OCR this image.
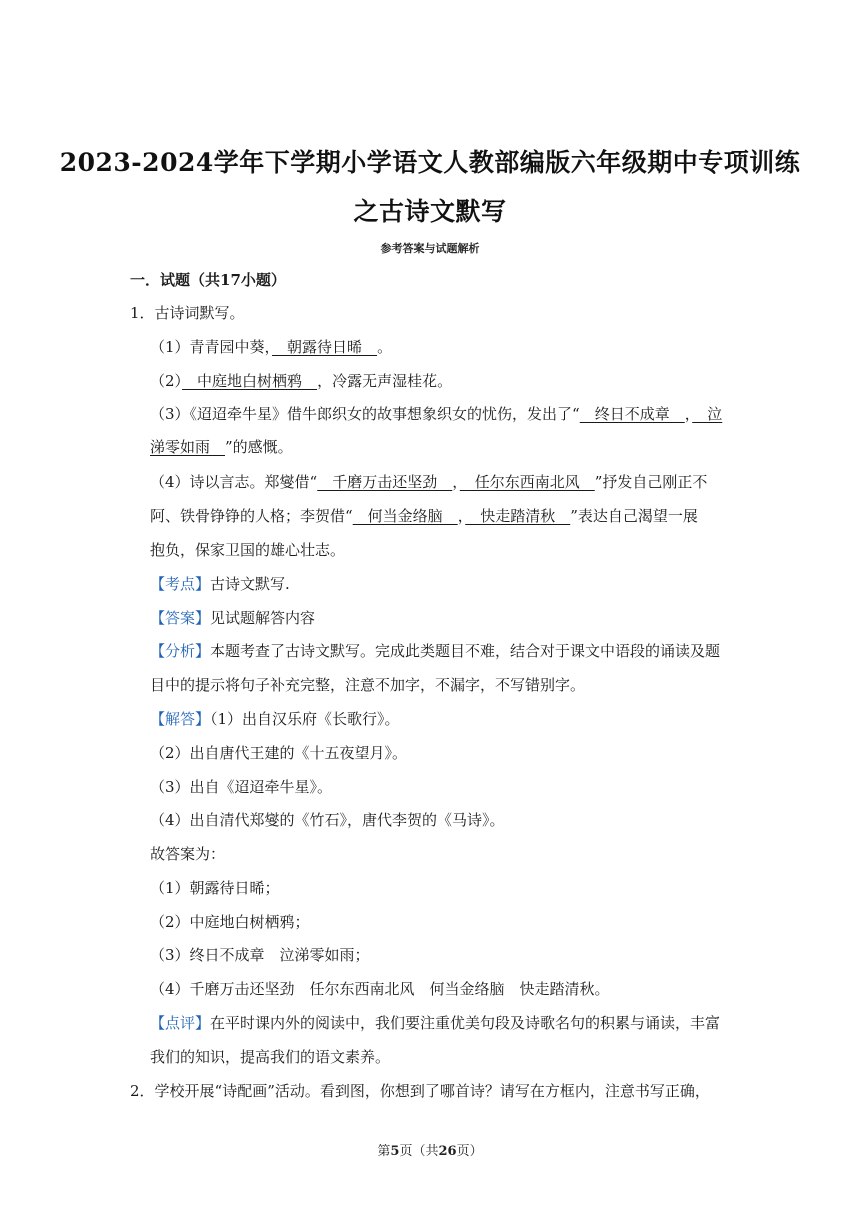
2023-2024学年下学期小学语文人教部编版六年级期中专项训练
之古诗文默写
参考答案与试题解析
一．试题（共17小题）
1．古诗词默写。
（1）青青园中葵，　朝露待日晞　。
（2）　中庭地白树栖鸦　，冷露无声湿桂花。
（3）《迢迢牵牛星》借牛郎织女的故事想象织女的忧伤，发出了“　终日不成章　，　泣
涕零如雨　”的感慨。
（4）诗以言志。郑燮借“　千磨万击还坚劲　，　任尔东西南北风　”抒发自己刚正不
阿、铁骨铮铮的人格；李贺借“　何当金络脑　，　快走踏清秋　”表达自己渴望一展
抱负，保家卫国的雄心壮志。
【考点】古诗文默写.
【答案】见试题解答内容
【分析】本题考查了古诗文默写。完成此类题目不难，结合对于课文中语段的诵读及题
目中的提示将句子补充完整，注意不加字，不漏字，不写错别字。
【解答】（1）出自汉乐府《长歌行》。
（2）出自唐代王建的《十五夜望月》。
（3）出自《迢迢牵牛星》。
（4）出自清代郑燮的《竹石》，唐代李贺的《马诗》。
故答案为：
（1）朝露待日晞；
（2）中庭地白树栖鸦；
（3）终日不成章　泣涕零如雨；
（4）千磨万击还坚劲　任尔东西南北风　何当金络脑　快走踏清秋。
【点评】在平时课内外的阅读中，我们要注重优美句段及诗歌名句的积累与诵读，丰富
我们的知识，提高我们的语文素养。
2．学校开展“诗配画”活动。看到图，你想到了哪首诗？请写在方框内，注意书写正确，
第5页（共26页）
